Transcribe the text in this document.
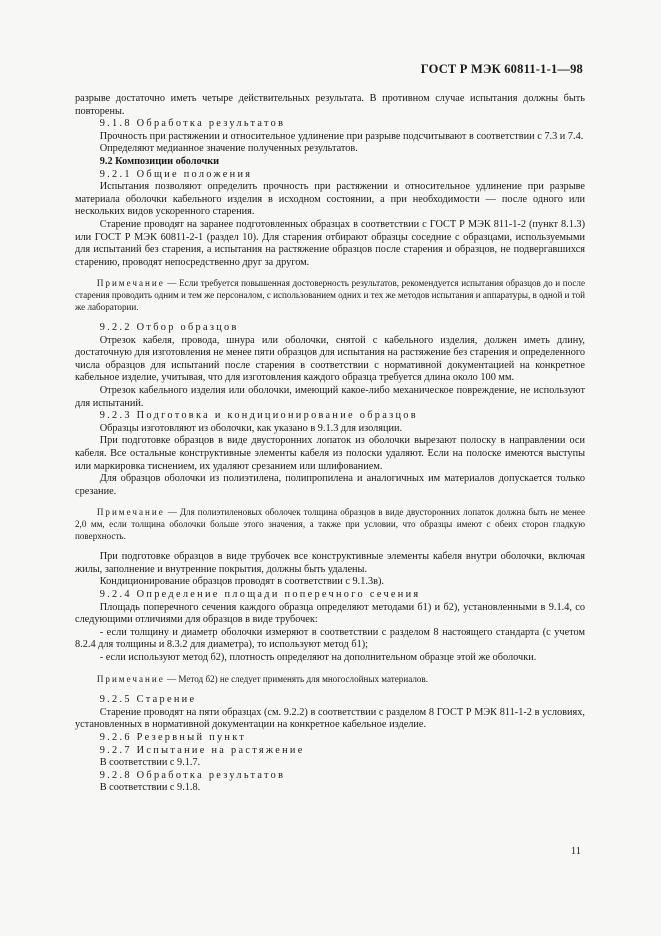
ГОСТ Р МЭК 60811-1-1—98

разрыве достаточно иметь четыре действительных результата. В противном случае испытания должны быть повторены.

9.1.8 Обработка результатов

Прочность при растяжении и относительное удлинение при разрыве подсчитывают в соответствии с 7.3 и 7.4.

Определяют медианное значение полученных результатов.

9.2 Композиции оболочки

9.2.1 Общие положения

Испытания позволяют определить прочность при растяжении и относительное удлинение при разрыве материала оболочки кабельного изделия в исходном состоянии, а при необходимости — после одного или нескольких видов ускоренного старения.

Старение проводят на заранее подготовленных образцах в соответствии с ГОСТ Р МЭК 811-1-2 (пункт 8.1.3) или ГОСТ Р МЭК 60811-2-1 (раздел 10). Для старения отбирают образцы соседние с образцами, используемыми для испытаний без старения, а испытания на растяжение образцов после старения и образцов, не подвергавшихся старению, проводят непосредственно друг за другом.

Примечание — Если требуется повышенная достоверность результатов, рекомендуется испытания образцов до и после старения проводить одним и тем же персоналом, с использованием одних и тех же методов испытания и аппаратуры, в одной и той же лаборатории.

9.2.2 Отбор образцов

Отрезок кабеля, провода, шнура или оболочки, снятой с кабельного изделия, должен иметь длину, достаточную для изготовления не менее пяти образцов для испытания на растяжение без старения и определенного числа образцов для испытаний после старения в соответствии с нормативной документацией на конкретное кабельное изделие, учитывая, что для изготовления каждого образца требуется длина около 100 мм.

Отрезок кабельного изделия или оболочки, имеющий какое-либо механическое повреждение, не используют для испытаний.

9.2.3 Подготовка и кондиционирование образцов

Образцы изготовляют из оболочки, как указано в 9.1.3 для изоляции.

При подготовке образцов в виде двусторонних лопаток из оболочки вырезают полоску в направлении оси кабеля. Все остальные конструктивные элементы кабеля из полоски удаляют. Если на полоске имеются выступы или маркировка тиснением, их удаляют срезанием или шлифованием.

Для образцов оболочки из полиэтилена, полипропилена и аналогичных им материалов допускается только срезание.

Примечание — Для полиэтиленовых оболочек толщина образцов в виде двусторонних лопаток должна быть не менее 2,0 мм, если толщина оболочки больше этого значения, а также при условии, что образцы имеют с обеих сторон гладкую поверхность.

При подготовке образцов в виде трубочек все конструктивные элементы кабеля внутри оболочки, включая жилы, заполнение и внутренние покрытия, должны быть удалены.

Кондиционирование образцов проводят в соответствии с 9.1.3в).

9.2.4 Определение площади поперечного сечения

Площадь поперечного сечения каждого образца определяют методами б1) и б2), установленными в 9.1.4, со следующими отличиями для образцов в виде трубочек:

- если толщину и диаметр оболочки измеряют в соответствии с разделом 8 настоящего стандарта (с учетом 8.2.4 для толщины и 8.3.2 для диаметра), то используют метод б1);

- если используют метод б2), плотность определяют на дополнительном образце этой же оболочки.

Примечание — Метод б2) не следует применять для многослойных материалов.

9.2.5 Старение

Старение проводят на пяти образцах (см. 9.2.2) в соответствии с разделом 8 ГОСТ Р МЭК 811-1-2 в условиях, установленных в нормативной документации на конкретное кабельное изделие.

9.2.6 Резервный пункт

9.2.7 Испытание на растяжение

В соответствии с 9.1.7.

9.2.8 Обработка результатов

В соответствии с 9.1.8.

11
